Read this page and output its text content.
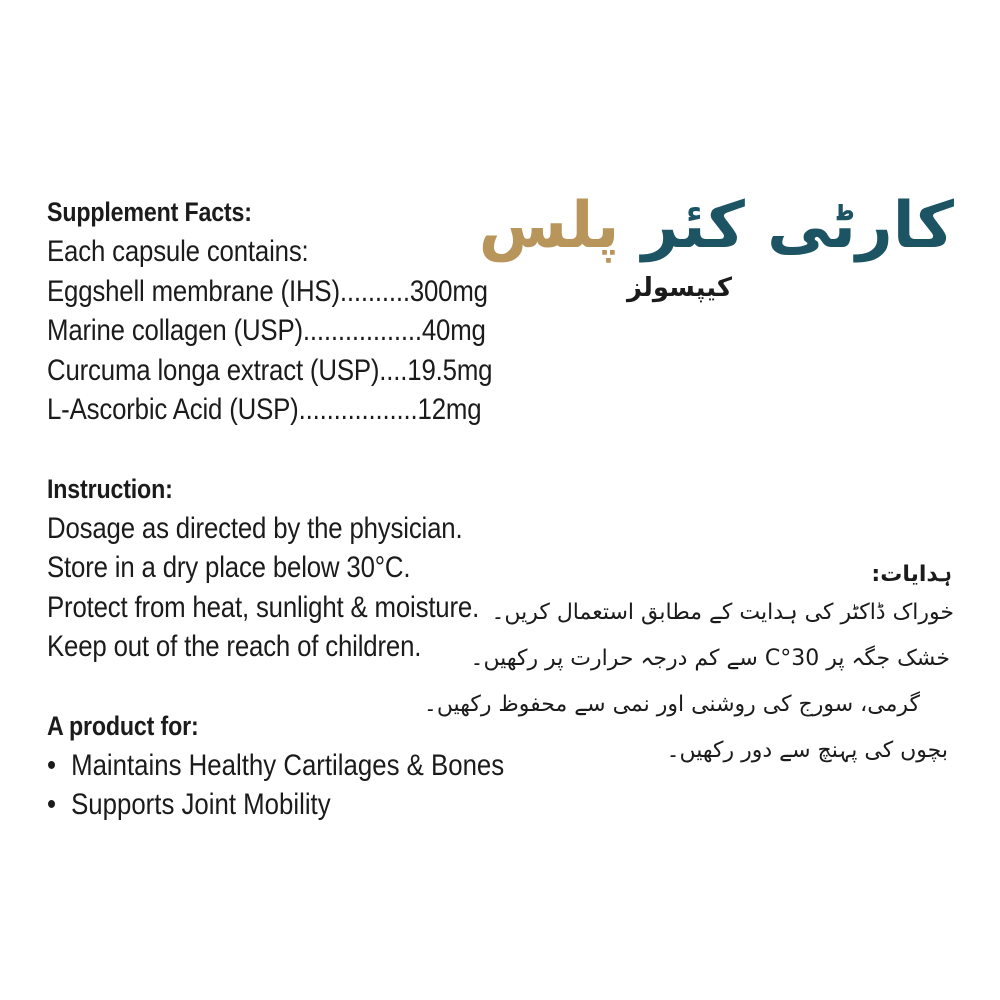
Supplement Facts:
Each capsule contains:
Eggshell membrane (IHS)..........300mg
Marine collagen (USP).................40mg
Curcuma longa extract (USP)....19.5mg
L-Ascorbic Acid (USP).................12mg
Instruction:
Dosage as directed by the physician.
Store in a dry place below 30°C.
Protect from heat, sunlight & moisture.
Keep out of the reach of children.
A product for:
• Maintains Healthy Cartilages & Bones
• Supports Joint Mobility
کارٹی کئر پلس
کیپسولز
ہدایات:
خوراک ڈاکٹر کی ہدایت کے مطابق استعمال کریں۔
خشک جگہ پر 30°C سے کم درجہ حرارت پر رکھیں۔
گرمی، سورج کی روشنی اور نمی سے محفوظ رکھیں۔
بچوں کی پہنچ سے دور رکھیں۔
